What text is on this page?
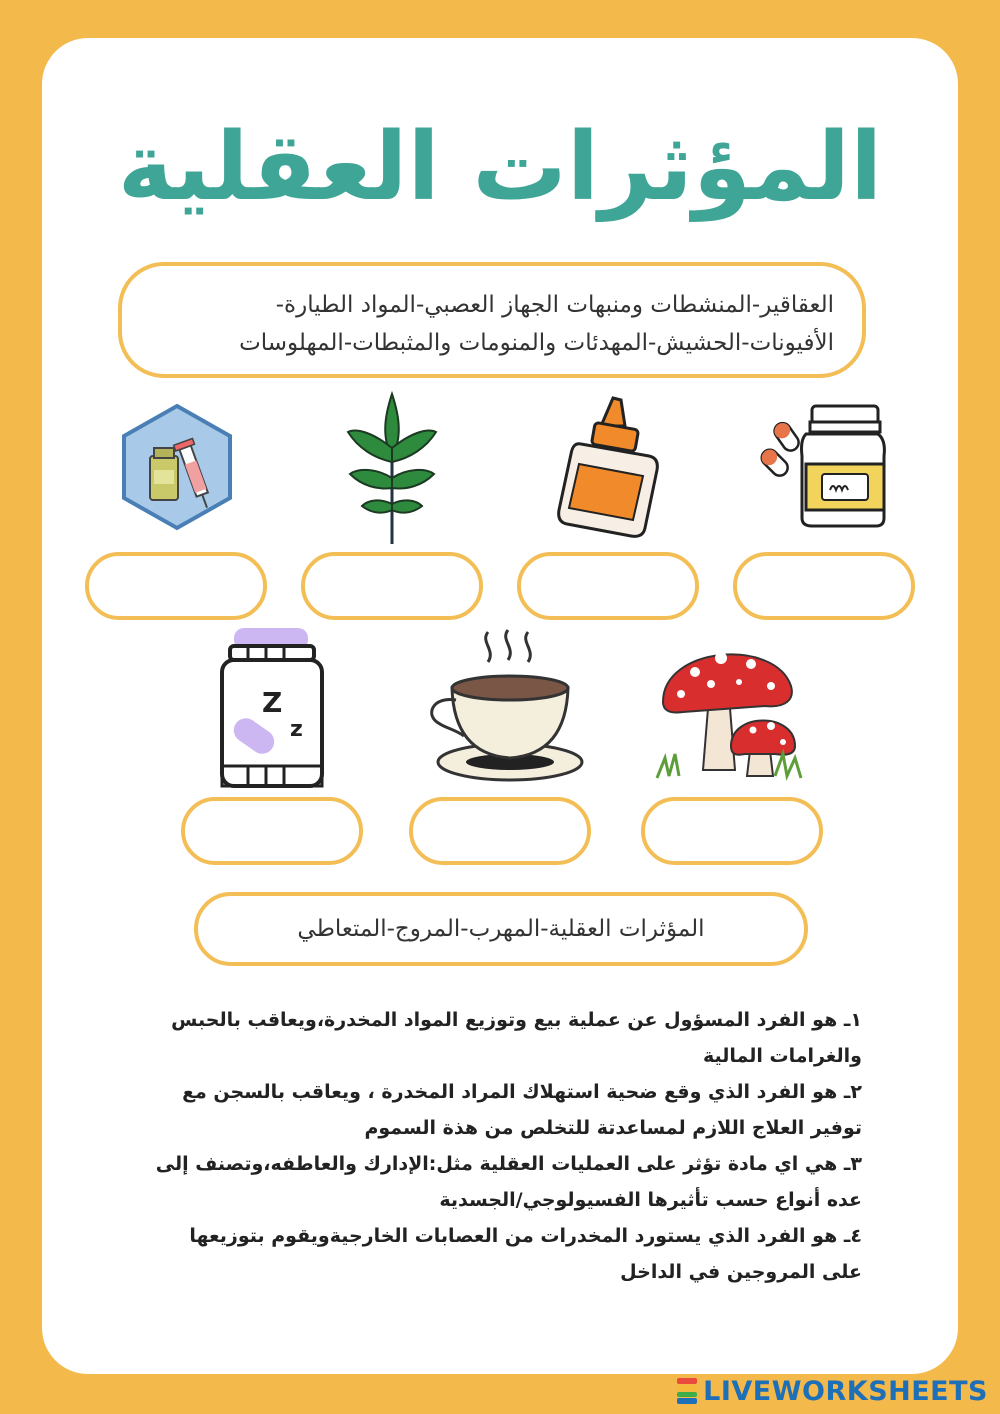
المؤثرات العقلية
العقاقير-المنشطات ومنبهات الجهاز العصبي-المواد الطيارة-
الأفيونات-الحشيش-المهدئات والمنومات والمثبطات-المهلوسات
Z
z
المؤثرات العقلية-المهرب-المروج-المتعاطي

١ـ هو الفرد المسؤول عن عملية بيع وتوزيع المواد المخدرة،ويعاقب بالحبس والغرامات المالية

٢ـ هو الفرد الذي وقع ضحية استهلاك المراد المخدرة ، ويعاقب بالسجن مع توفير العلاج اللازم لمساعدتة للتخلص من هذة السموم

٣ـ هي اي مادة تؤثر على العمليات العقلية مثل:الإدارك والعاطفه،وتصنف إلى عده أنواع حسب تأثيرها الفسيولوجي/الجسدية

٤ـ هو الفرد الذي يستورد المخدرات من العصابات الخارجيةويقوم بتوزيعها على المروجين في الداخل

LIVEWORKSHEETS
